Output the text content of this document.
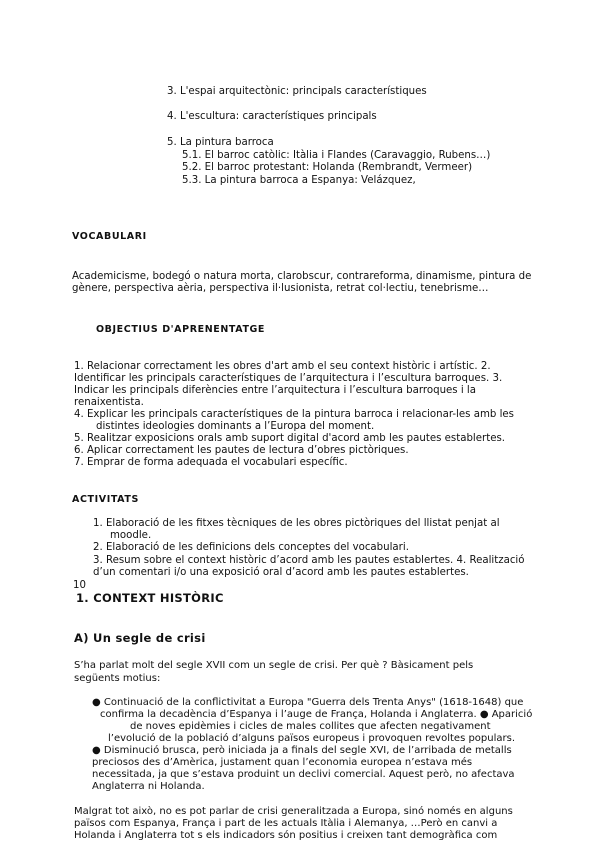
3. L'espai arquitectònic: principals característiques
4. L'escultura: característiques principals
5. La pintura barroca
5.1. El barroc catòlic: Itàlia i Flandes (Caravaggio, Rubens…)
5.2. El barroc protestant: Holanda (Rembrandt, Vermeer)
5.3. La pintura barroca a Espanya: Velázquez,
VOCABULARI
Academicisme, bodegó o natura morta, clarobscur, contrareforma, dinamisme, pintura de
gènere, perspectiva aèria, perspectiva il·lusionista, retrat col·lectiu, tenebrisme…
OBJECTIUS D'APRENENTATGE
1. Relacionar correctament les obres d'art amb el seu context històric i artístic. 2.
Identificar les principals característiques de l’arquitectura i l’escultura barroques. 3.
Indicar les principals diferències entre l’arquitectura i l’escultura barroques i la
renaixentista.
4. Explicar les principals característiques de la pintura barroca i relacionar-les amb les
distintes ideologies dominants a l’Europa del moment.
5. Realitzar exposicions orals amb suport digital d'acord amb les pautes establertes.
6. Aplicar correctament les pautes de lectura d’obres pictòriques.
7. Emprar de forma adequada el vocabulari específic.
ACTIVITATS
1. Elaboració de les fitxes tècniques de les obres pictòriques del llistat penjat al
moodle.
2. Elaboració de les definicions dels conceptes del vocabulari.
3. Resum sobre el context històric d’acord amb les pautes establertes. 4. Realització
d’un comentari i/o una exposició oral d’acord amb les pautes establertes.
10
1. CONTEXT HISTÒRIC
A) Un segle de crisi
S’ha parlat molt del segle XVII com un segle de crisi. Per què ? Bàsicament pels
següents motius:
● Continuació de la conflictivitat a Europa "Guerra dels Trenta Anys" (1618-1648) que
confirma la decadència d’Espanya i l’auge de França, Holanda i Anglaterra. ● Aparició
de noves epidèmies i cicles de males collites que afecten negativament
l’evolució de la població d’alguns països europeus i provoquen revoltes populars.
● Disminució brusca, però iniciada ja a finals del segle XVI, de l’arribada de metalls
preciosos des d’Amèrica, justament quan l’economia europea n’estava més
necessitada, ja que s’estava produint un declivi comercial. Aquest però, no afectava
Anglaterra ni Holanda.
Malgrat tot això, no es pot parlar de crisi generalitzada a Europa, sinó només en alguns
països com Espanya, França i part de les actuals Itàlia i Alemanya, …Però en canvi a
Holanda i Anglaterra tot s els indicadors són positius i creixen tant demogràfica com
